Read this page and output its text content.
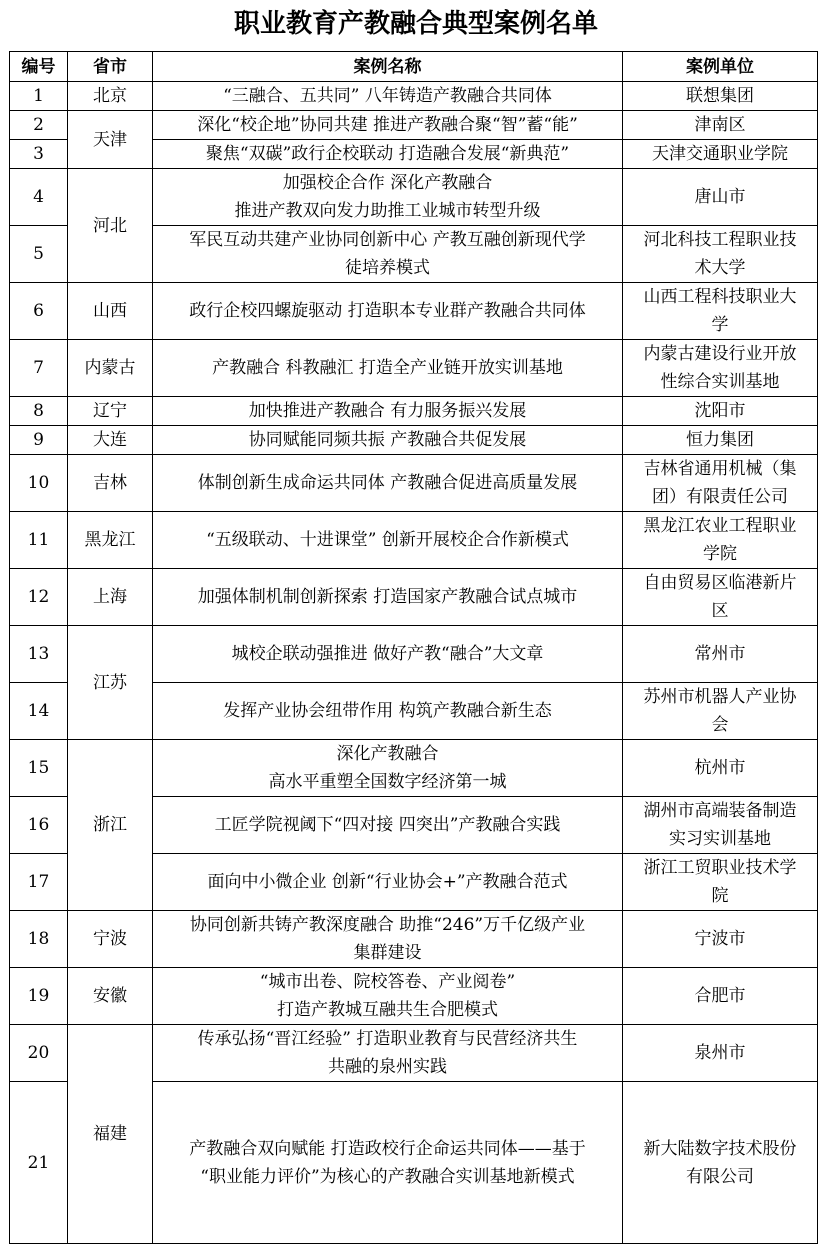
职业教育产教融合典型案例名单
编号	省市	案例名称	案例单位
1	北京	“三融合、五共同” 八年铸造产教融合共同体	联想集团
2	天津	深化“校企地”协同共建 推进产教融合聚“智”蓄“能”	津南区
3		聚焦“双碳”政行企校联动 打造融合发展“新典范”	天津交通职业学院
4	河北	加强校企合作 深化产教融合
推进产教双向发力助推工业城市转型升级	唐山市
5		军民互动共建产业协同创新中心 产教互融创新现代学
徒培养模式	河北科技工程职业技
术大学
6	山西	政行企校四螺旋驱动 打造职本专业群产教融合共同体	山西工程科技职业大
学
7	内蒙古	产教融合 科教融汇 打造全产业链开放实训基地	内蒙古建设行业开放
性综合实训基地
8	辽宁	加快推进产教融合 有力服务振兴发展	沈阳市
9	大连	协同赋能同频共振 产教融合共促发展	恒力集团
10	吉林	体制创新生成命运共同体 产教融合促进高质量发展	吉林省通用机械（集
团）有限责任公司
11	黑龙江	“五级联动、十进课堂” 创新开展校企合作新模式	黑龙江农业工程职业
学院
12	上海	加强体制机制创新探索 打造国家产教融合试点城市	自由贸易区临港新片
区
13	江苏	城校企联动强推进 做好产教“融合”大文章	常州市
14		发挥产业协会纽带作用 构筑产教融合新生态	苏州市机器人产业协
会
15	浙江	深化产教融合
高水平重塑全国数字经济第一城	杭州市
16		工匠学院视阈下“四对接 四突出”产教融合实践	湖州市高端装备制造
实习实训基地
17		面向中小微企业 创新“行业协会+”产教融合范式	浙江工贸职业技术学
院
18	宁波	协同创新共铸产教深度融合 助推“246”万千亿级产业
集群建设	宁波市
19	安徽	“城市出卷、院校答卷、产业阅卷”
打造产教城互融共生合肥模式	合肥市
20	福建	传承弘扬“晋江经验” 打造职业教育与民营经济共生
共融的泉州实践	泉州市
21		产教融合双向赋能 打造政校行企命运共同体——基于
“职业能力评价”为核心的产教融合实训基地新模式	新大陆数字技术股份
有限公司
